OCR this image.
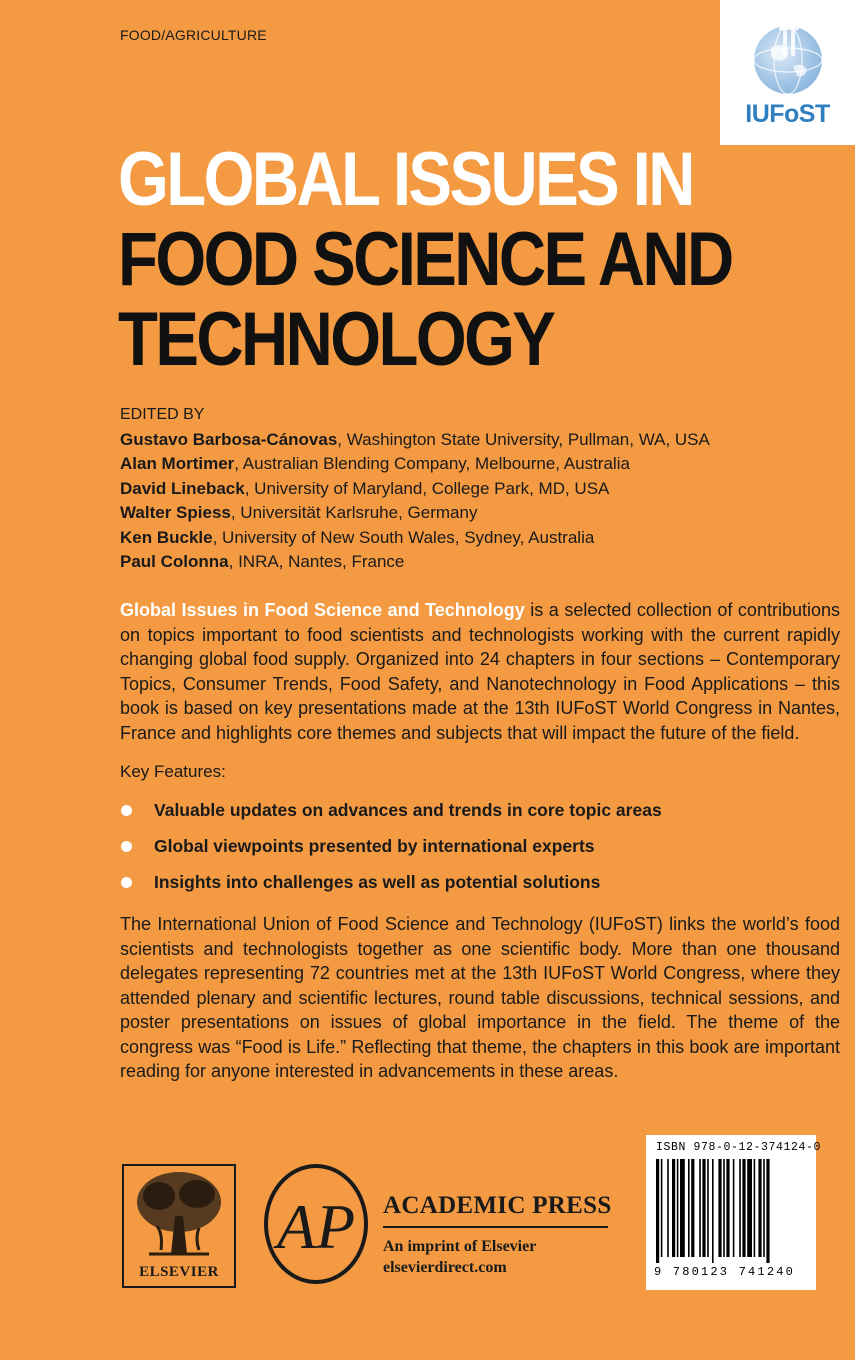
FOOD/AGRICULTURE
IUFoST
GLOBAL ISSUES IN
FOOD SCIENCE AND
TECHNOLOGY
EDITED BY
Gustavo Barbosa-Cánovas, Washington State University, Pullman, WA, USA
Alan Mortimer, Australian Blending Company, Melbourne, Australia
David Lineback, University of Maryland, College Park, MD, USA
Walter Spiess, Universität Karlsruhe, Germany
Ken Buckle, University of New South Wales, Sydney, Australia
Paul Colonna, INRA, Nantes, France

Global Issues in Food Science and Technology is a selected collection of contributions on topics important to food scientists and technologists working with the current rapidly changing global food supply. Organized into 24 chapters in four sections – Contemporary Topics, Consumer Trends, Food Safety, and Nanotechnology in Food Applications – this book is based on key presentations made at the 13th IUFoST World Congress in Nantes, France and highlights core themes and subjects that will impact the future of the field.

Key Features:
Valuable updates on advances and trends in core topic areas
Global viewpoints presented by international experts
Insights into challenges as well as potential solutions

The International Union of Food Science and Technology (IUFoST) links the world’s food scientists and technologists together as one scientific body. More than one thousand delegates representing 72 countries met at the 13th IUFoST World Congress, where they attended plenary and scientific lectures, round table discussions, technical sessions, and poster presentations on issues of global importance in the field. The theme of the congress was “Food is Life.” Reflecting that theme, the chapters in this book are important reading for anyone interested in advancements in these areas.

ELSEVIER
AP ACADEMIC PRESS
An imprint of Elsevier
elsevierdirect.com
ISBN 978-0-12-374124-0
9 780123 741240
